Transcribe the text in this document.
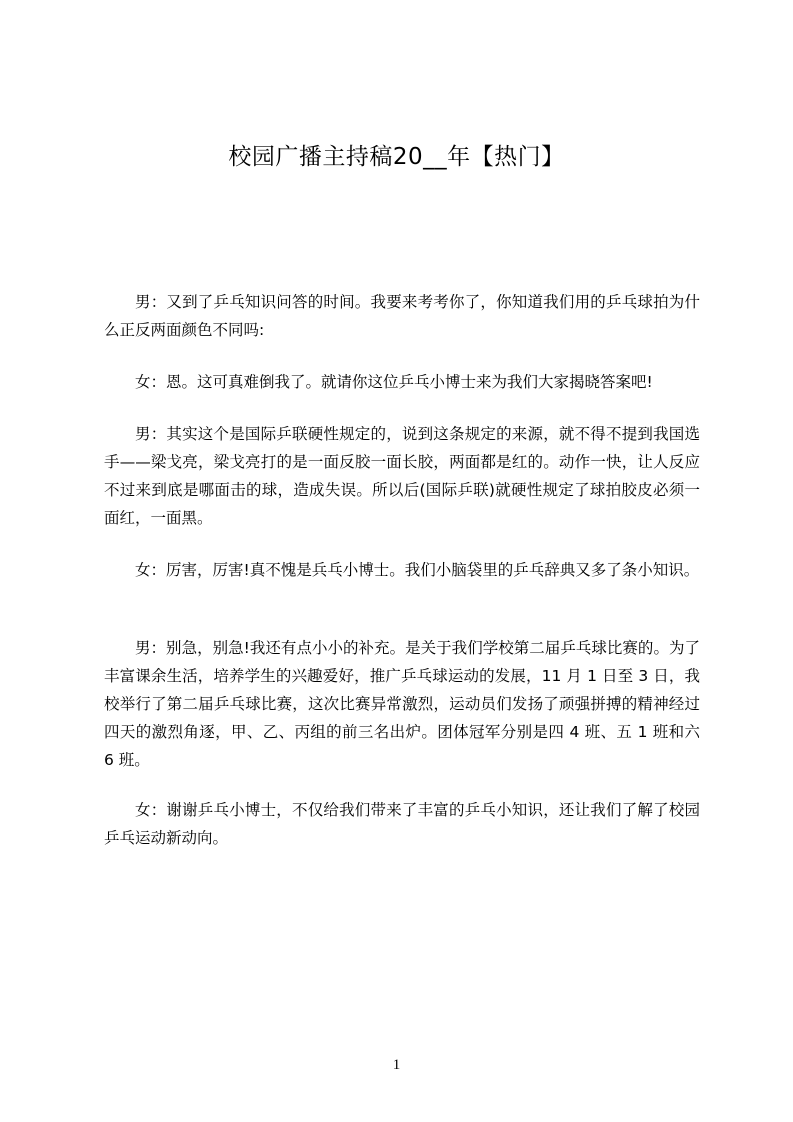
校园广播主持稿20__年【热门】

男：又到了乒乓知识问答的时间。我要来考考你了，你知道我们用的乒乓球拍为什么正反两面颜色不同吗:

女：恩。这可真难倒我了。就请你这位乒乓小博士来为我们大家揭晓答案吧!

男：其实这个是国际乒联硬性规定的，说到这条规定的来源，就不得不提到我国选手——梁戈亮，梁戈亮打的是一面反胶一面长胶，两面都是红的。动作一快，让人反应不过来到底是哪面击的球，造成失误。所以后(国际乒联)就硬性规定了球拍胶皮必须一面红，一面黑。

女：厉害，厉害!真不愧是兵乓小博士。我们小脑袋里的乒乓辞典又多了条小知识。

男：别急，别急!我还有点小小的补充。是关于我们学校第二届乒乓球比赛的。为了丰富课余生活，培养学生的兴趣爱好，推广乒乓球运动的发展，11 月 1 日至 3 日，我校举行了第二届乒乓球比赛，这次比赛异常激烈，运动员们发扬了顽强拼搏的精神经过四天的激烈角逐，甲、乙、丙组的前三名出炉。团体冠军分别是四 4 班、五 1 班和六 6 班。

女：谢谢乒乓小博士，不仅给我们带来了丰富的乒乓小知识，还让我们了解了校园乒乓运动新动向。

1
